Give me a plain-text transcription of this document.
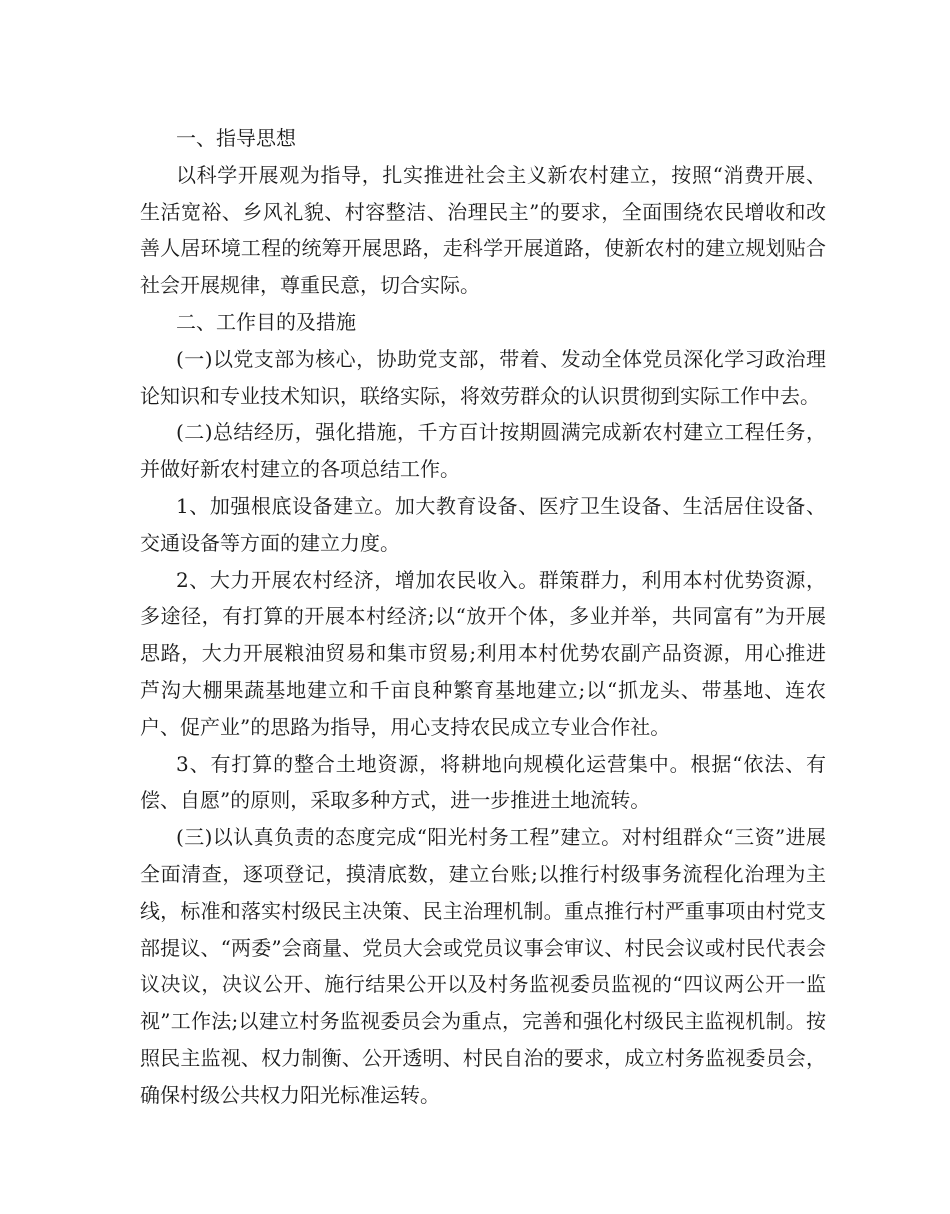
一、指导思想

以科学开展观为指导，扎实推进社会主义新农村建立，按照“消费开展、生活宽裕、乡风礼貌、村容整洁、治理民主”的要求，全面围绕农民增收和改善人居环境工程的统筹开展思路，走科学开展道路，使新农村的建立规划贴合社会开展规律，尊重民意，切合实际。

二、工作目的及措施

(一)以党支部为核心，协助党支部，带着、发动全体党员深化学习政治理论知识和专业技术知识，联络实际，将效劳群众的认识贯彻到实际工作中去。

(二)总结经历，强化措施，千方百计按期圆满完成新农村建立工程任务，并做好新农村建立的各项总结工作。

1、加强根底设备建立。加大教育设备、医疗卫生设备、生活居住设备、交通设备等方面的建立力度。

2、大力开展农村经济，增加农民收入。群策群力，利用本村优势资源，多途径，有打算的开展本村经济;以“放开个体，多业并举，共同富有”为开展思路，大力开展粮油贸易和集市贸易;利用本村优势农副产品资源，用心推进芦沟大棚果蔬基地建立和千亩良种繁育基地建立;以“抓龙头、带基地、连农户、促产业”的思路为指导，用心支持农民成立专业合作社。

3、有打算的整合土地资源，将耕地向规模化运营集中。根据“依法、有偿、自愿”的原则，采取多种方式，进一步推进土地流转。

(三)以认真负责的态度完成“阳光村务工程”建立。对村组群众“三资”进展全面清查，逐项登记，摸清底数，建立台账;以推行村级事务流程化治理为主线，标准和落实村级民主决策、民主治理机制。重点推行村严重事项由村党支部提议、“两委”会商量、党员大会或党员议事会审议、村民会议或村民代表会议决议，决议公开、施行结果公开以及村务监视委员监视的“四议两公开一监视”工作法;以建立村务监视委员会为重点，完善和强化村级民主监视机制。按照民主监视、权力制衡、公开透明、村民自治的要求，成立村务监视委员会，确保村级公共权力阳光标准运转。
